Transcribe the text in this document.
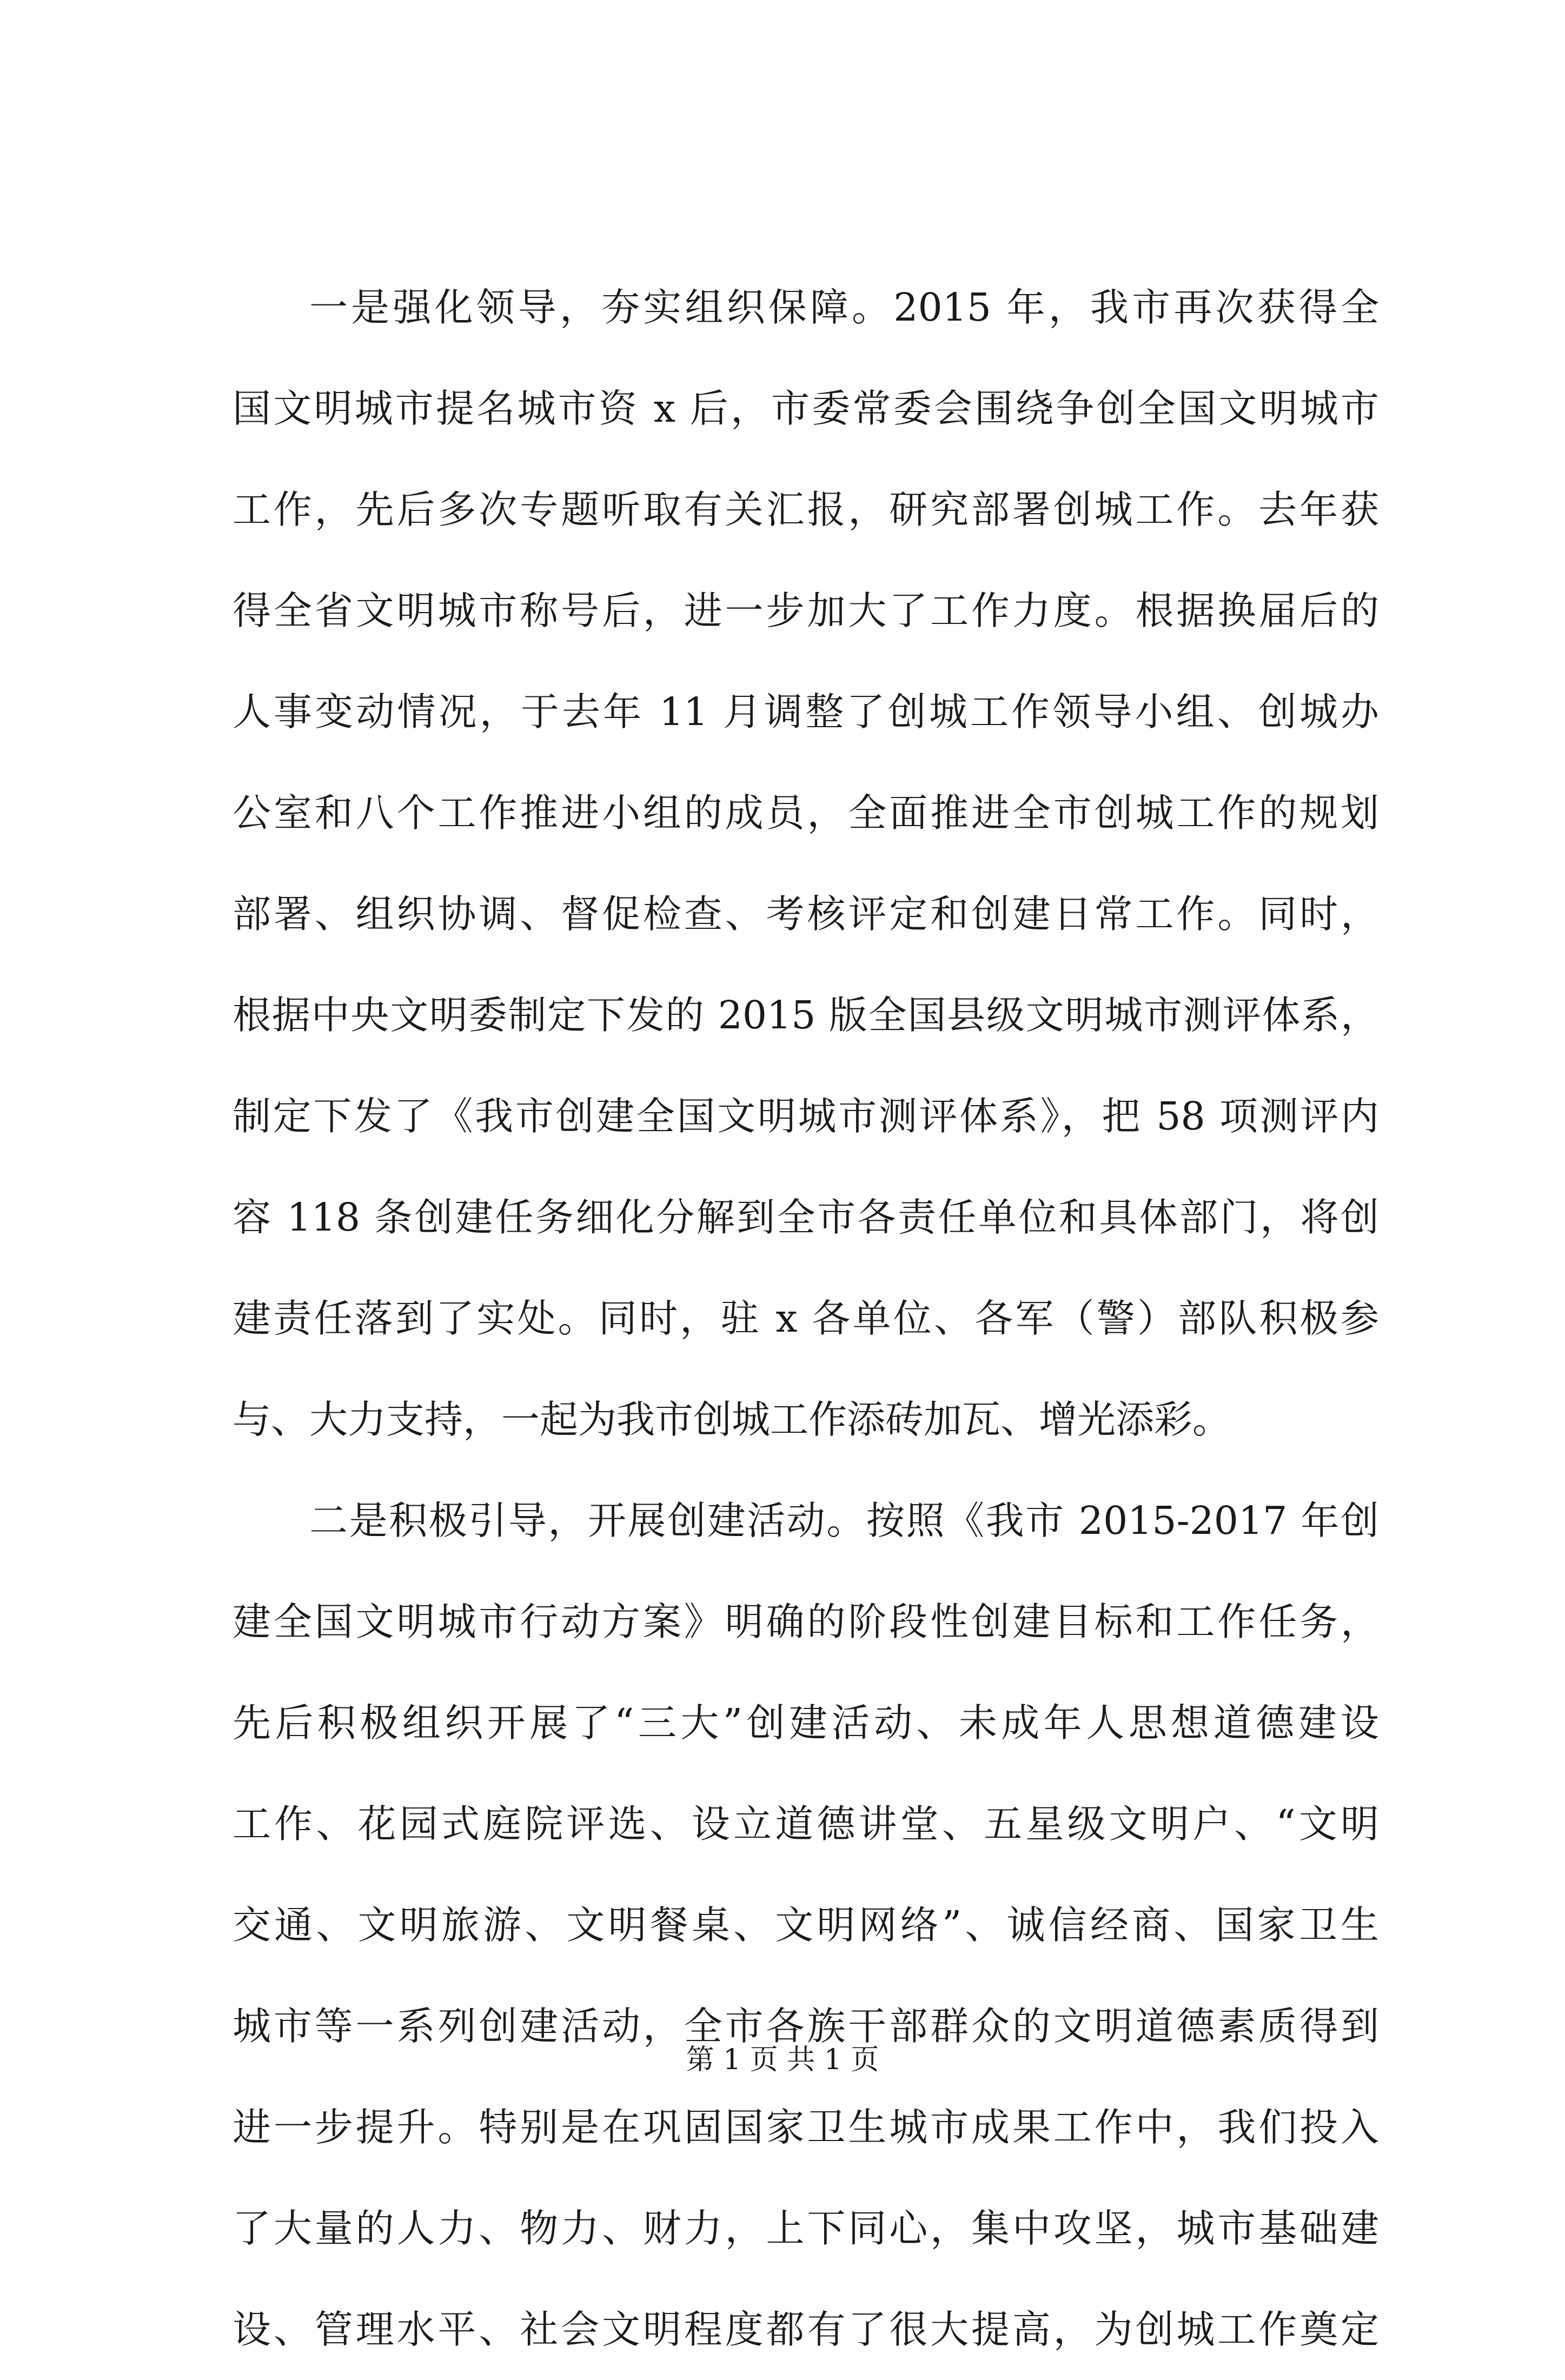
一是强化领导，夯实组织保障。2015 年，我市再次获得全
国文明城市提名城市资 x 后，市委常委会围绕争创全国文明城市
工作，先后多次专题听取有关汇报，研究部署创城工作。去年获
得全省文明城市称号后，进一步加大了工作力度。根据换届后的
人事变动情况，于去年 11 月调整了创城工作领导小组、创城办
公室和八个工作推进小组的成员，全面推进全市创城工作的规划
部署、组织协调、督促检查、考核评定和创建日常工作。同时，
根据中央文明委制定下发的 2015 版全国县级文明城市测评体系，
制定下发了《我市创建全国文明城市测评体系》，把 58 项测评内
容 118 条创建任务细化分解到全市各责任单位和具体部门，将创
建责任落到了实处。同时，驻 x 各单位、各军（警）部队积极参
与、大力支持，一起为我市创城工作添砖加瓦、增光添彩。
二是积极引导，开展创建活动。按照《我市 2015-2017 年创
建全国文明城市行动方案》明确的阶段性创建目标和工作任务，
先后积极组织开展了“三大”创建活动、未成年人思想道德建设
工作、花园式庭院评选、设立道德讲堂、五星级文明户、“文明
交通、文明旅游、文明餐桌、文明网络”、诚信经商、国家卫生
城市等一系列创建活动，全市各族干部群众的文明道德素质得到
进一步提升。特别是在巩固国家卫生城市成果工作中，我们投入
了大量的人力、物力、财力，上下同心，集中攻坚，城市基础建
设、管理水平、社会文明程度都有了很大提高，为创城工作奠定
第 1 页 共 1 页
